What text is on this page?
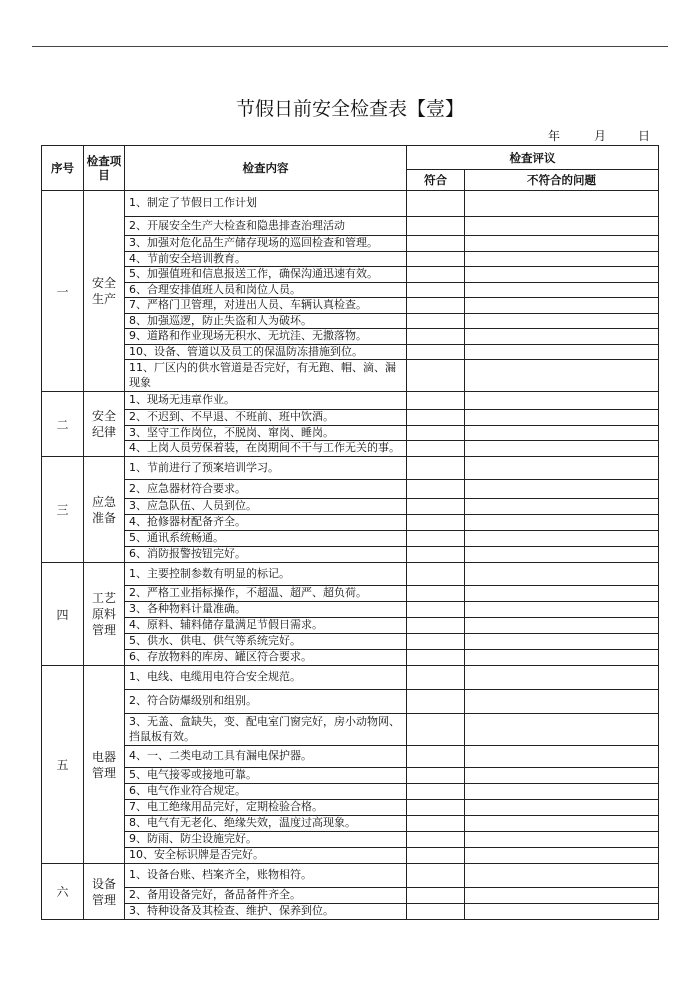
节假日前安全检查表【壹】
年	月	日
序号	检查项目	检查内容	检查评议	
			符合	不符合的问题
一	安全生产	1、制定了节假日工作计划		
		2、开展安全生产大检查和隐患排查治理活动		
		3、加强对危化品生产储存现场的巡回检查和管理。		
		4、节前安全培训教育。		
		5、加强值班和信息报送工作，确保沟通迅速有效。		
		6、合理安排值班人员和岗位人员。		
		7、严格门卫管理，对进出人员、车辆认真检查。		
		8、加强巡逻，防止失盗和人为破坏。		
		9、道路和作业现场无积水、无坑洼、无撒落物。		
		10、设备、管道以及员工的保温防冻措施到位。		
		11、厂区内的供水管道是否完好，有无跑、帽、滴、漏现象		
二	安全纪律	1、现场无违章作业。		
		2、不迟到、不早退、不班前、班中饮酒。		
		3、坚守工作岗位，不脱岗、窜岗、睡岗。		
		4、上岗人员劳保着装，在岗期间不干与工作无关的事。		
三	应急准备	1、节前进行了预案培训学习。		
		2、应急器材符合要求。		
		3、应急队伍、人员到位。		
		4、抢修器材配备齐全。		
		5、通讯系统畅通。		
		6、消防报警按钮完好。		
四	工艺原料管理	1、主要控制参数有明显的标记。		
		2、严格工业指标操作，不超温、超严、超负荷。		
		3、各种物料计量准确。		
		4、原料、辅料储存量满足节假日需求。		
		5、供水、供电、供气等系统完好。		
		6、存放物料的库房、罐区符合要求。		
五	电器管理	1、电线、电缆用电符合安全规范。		
		2、符合防爆级别和组别。		
		3、无盖、盒缺失，变、配电室门窗完好，房小动物网、挡鼠板有效。		
		4、一、二类电动工具有漏电保护器。		
		5、电气接零或接地可靠。		
		6、电气作业符合规定。		
		7、电工绝缘用品完好，定期检验合格。		
		8、电气有无老化、绝缘失效，温度过高现象。		
		9、防雨、防尘设施完好。		
		10、安全标识牌是否完好。		
六	设备管理	1、设备台账、档案齐全，账物相符。		
		2、备用设备完好，备品备件齐全。		
		3、特种设备及其检查、维护、保养到位。		
